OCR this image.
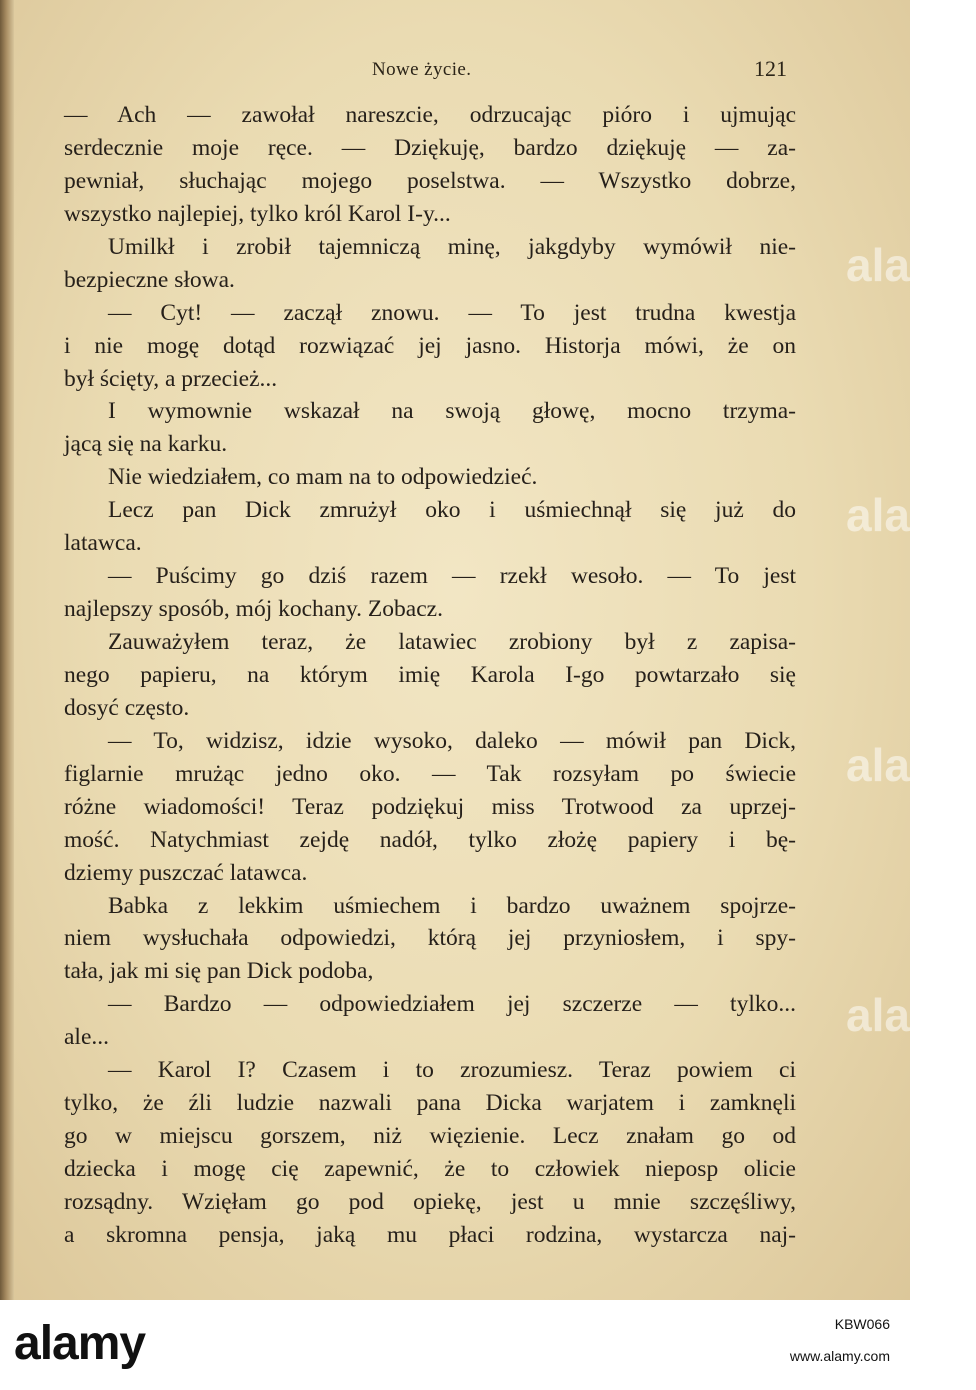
Nowe życie.	121
— Ach — zawołał nareszcie, odrzucając pióro i ujmując
serdecznie moje ręce. — Dziękuję, bardzo dziękuję — za-
pewniał, słuchając mojego poselstwa. — Wszystko dobrze,
wszystko najlepiej, tylko król Karol I-y...
Umilkł i zrobił tajemniczą minę, jakgdyby wymówił nie-
bezpieczne słowa.
— Cyt! — zaczął znowu. — To jest trudna kwestja
i nie mogę dotąd rozwiązać jej jasno. Historja mówi, że on
był ścięty, a przecież...
I wymownie wskazał na swoją głowę, mocno trzyma-
jącą się na karku.
Nie wiedziałem, co mam na to odpowiedzieć.
Lecz pan Dick zmrużył oko i uśmiechnął się już do
latawca.
— Puścimy go dziś razem — rzekł wesoło. — To jest
najlepszy sposób, mój kochany. Zobacz.
Zauważyłem teraz, że latawiec zrobiony był z zapisa-
nego papieru, na którym imię Karola I-go powtarzało się
dosyć często.
— To, widzisz, idzie wysoko, daleko — mówił pan Dick,
figlarnie mrużąc jedno oko. — Tak rozsyłam po świecie
różne wiadomości! Teraz podziękuj miss Trotwood za uprzej-
mość. Natychmiast zejdę nadół, tylko złożę papiery i bę-
dziemy puszczać latawca.
Babka z lekkim uśmiechem i bardzo uważnem spojrze-
niem wysłuchała odpowiedzi, którą jej przyniosłem, i spy-
tała, jak mi się pan Dick podoba,
— Bardzo — odpowiedziałem jej szczerze — tylko...
ale...
— Karol I? Czasem i to zrozumiesz. Teraz powiem ci
tylko, że źli ludzie nazwali pana Dicka warjatem i zamknęli
go w miejscu gorszem, niż więzienie. Lecz znałam go od
dziecka i mogę cię zapewnić, że to człowiek nieposp olicie
rozsądny. Wzięłam go pod opiekę, jest u mnie szczęśliwy,
a skromna pensja, jaką mu płaci rodzina, wystarcza naj-
alamy
alamy
alamy
alamy
alamy	KBW066
www.alamy.com
